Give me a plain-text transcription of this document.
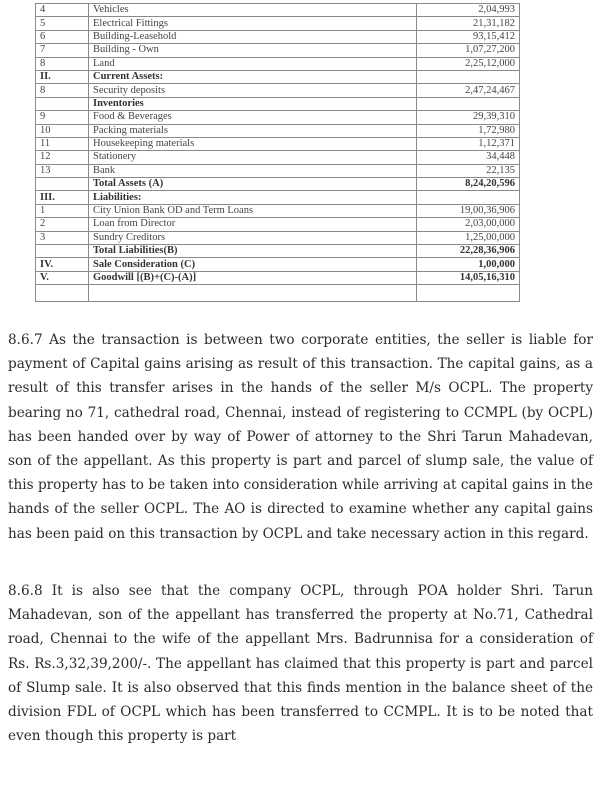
4	Vehicles	2,04,993
5	Electrical Fittings	21,31,182
6	Building-Leasehold	93,15,412
7	Building - Own	1,07,27,200
8	Land	2,25,12,000
II.	Current Assets:	
8	Security deposits	2,47,24,467
	Inventories	
9	Food & Beverages	29,39,310
10	Packing materials	1,72,980
11	Housekeeping materials	1,12,371
12	Stationery	34,448
13	Bank	22,135
	Total Assets (A)	8,24,20,596
III.	Liabilities:	
1	City Union Bank OD and Term Loans	19,00,36,906
2	Loan from Director	2,03,00,000
3	Sundry Creditors	1,25,00,000
	Total Liabilities(B)	22,28,36,906
IV.	Sale Consideration (C)	1,00,000
V.	Goodwill [(B)+(C)-(A)]	14,05,16,310

8.6.7 As the transaction is between two corporate entities, the seller is liable for payment of Capital gains arising as result of this transaction. The capital gains, as a result of this transfer arises in the hands of the seller M/s OCPL. The property bearing no 71, cathedral road, Chennai, instead of registering to CCMPL (by OCPL) has been handed over by way of Power of attorney to the Shri Tarun Mahadevan, son of the appellant. As this property is part and parcel of slump sale, the value of this property has to be taken into consideration while arriving at capital gains in the hands of the seller OCPL. The AO is directed to examine whether any capital gains has been paid on this transaction by OCPL and take necessary action in this regard.

8.6.8 It is also see that the company OCPL, through POA holder Shri. Tarun Mahadevan, son of the appellant has transferred the property at No.71, Cathedral road, Chennai to the wife of the appellant Mrs. Badrunnisa for a consideration of Rs. Rs.3,32,39,200/-. The appellant has claimed that this property is part and parcel of Slump sale. It is also observed that this finds mention in the balance sheet of the division FDL of OCPL which has been transferred to CCMPL. It is to be noted that even though this property is part
